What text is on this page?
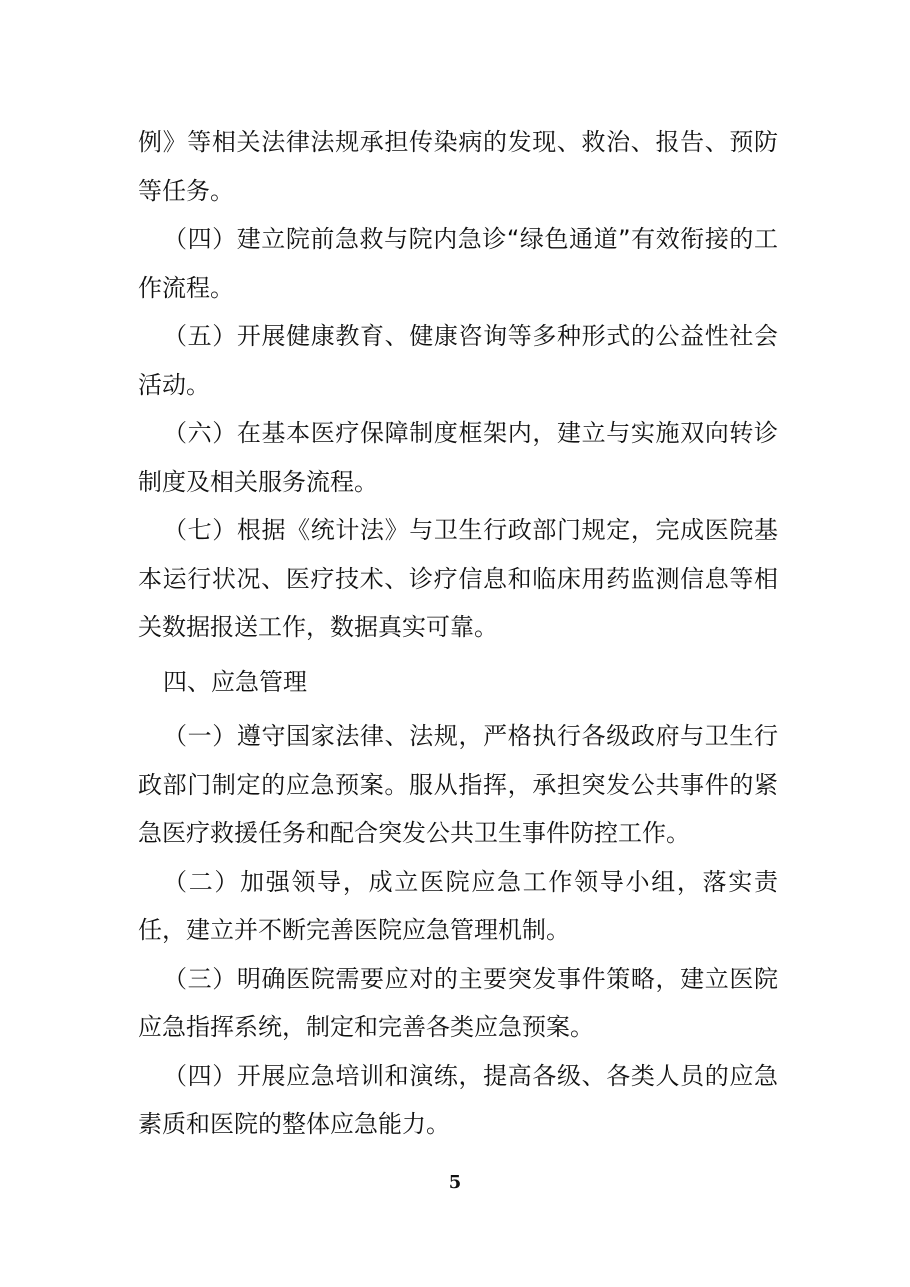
例》等相关法律法规承担传染病的发现、救治、报告、预防等任务。

（四）建立院前急救与院内急诊“绿色通道”有效衔接的工作流程。

（五）开展健康教育、健康咨询等多种形式的公益性社会活动。

（六）在基本医疗保障制度框架内，建立与实施双向转诊制度及相关服务流程。

（七）根据《统计法》与卫生行政部门规定，完成医院基本运行状况、医疗技术、诊疗信息和临床用药监测信息等相关数据报送工作，数据真实可靠。

四、应急管理

（一）遵守国家法律、法规，严格执行各级政府与卫生行政部门制定的应急预案。服从指挥，承担突发公共事件的紧急医疗救援任务和配合突发公共卫生事件防控工作。

（二）加强领导，成立医院应急工作领导小组，落实责任，建立并不断完善医院应急管理机制。

（三）明确医院需要应对的主要突发事件策略，建立医院应急指挥系统，制定和完善各类应急预案。

（四）开展应急培训和演练，提高各级、各类人员的应急素质和医院的整体应急能力。

5
